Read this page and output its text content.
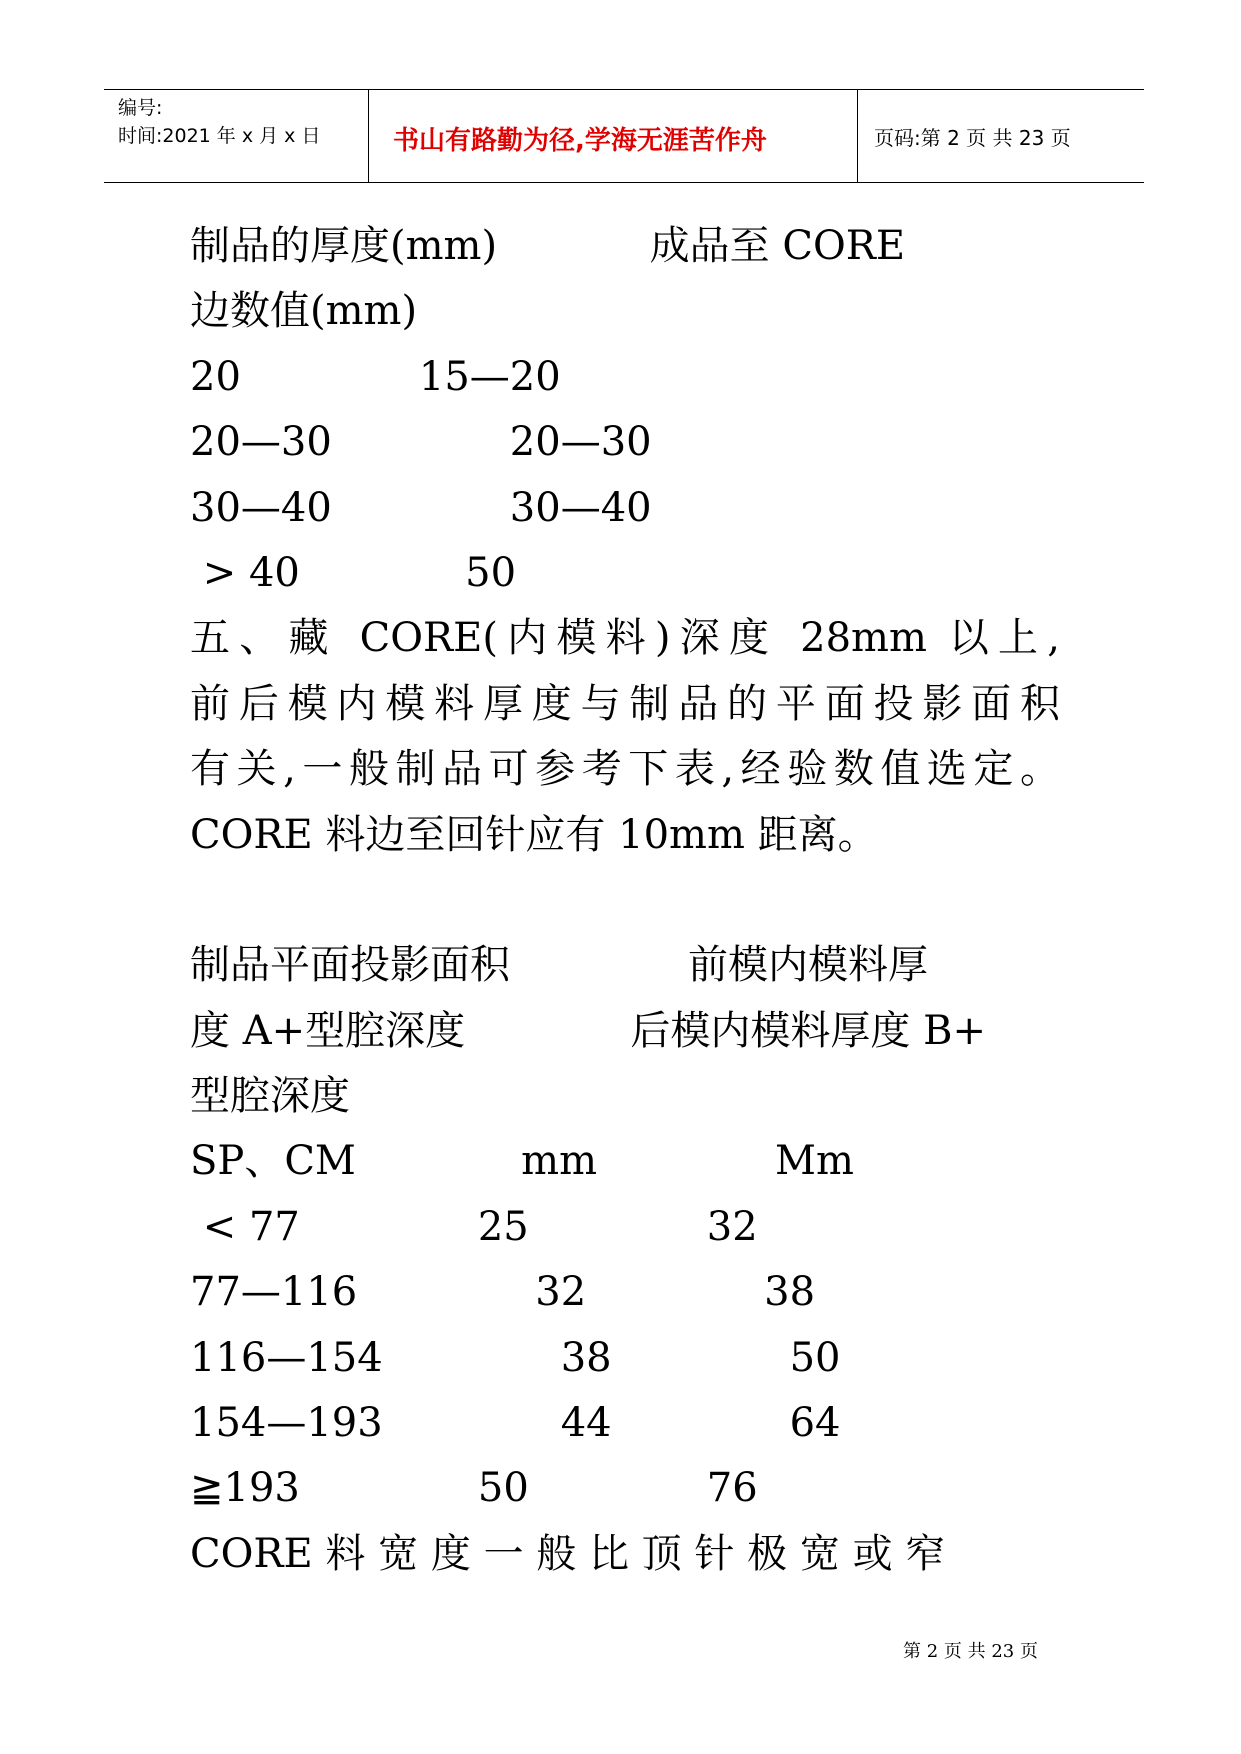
编号:
时间:2021 年 x 月 x 日	书山有路勤为径,学海无涯苦作舟	页码:第 2 页 共 23 页
制品的厚度(mm)            成品至 CORE
边数值(mm)
20              15—20
20—30              20—30
30—40              30—40
> 40             50
五、藏 CORE(内模料)深度 28mm 以上,
前后模内模料厚度与制品的平面投影面积
有关,一般制品可参考下表,经验数值选定。
CORE 料边至回针应有 10mm 距离。
制品平面投影面积              前模内模料厚
度 A+型腔深度             后模内模料厚度 B+
型腔深度
SP、CM             mm              Mm
< 77              25              32
77—116              32              38
116—154              38              50
154—193              44              64
≧193              50              76
CORE 料 宽 度 一 般 比 顶 针 极 宽 或 窄
第 2 页 共 23 页
